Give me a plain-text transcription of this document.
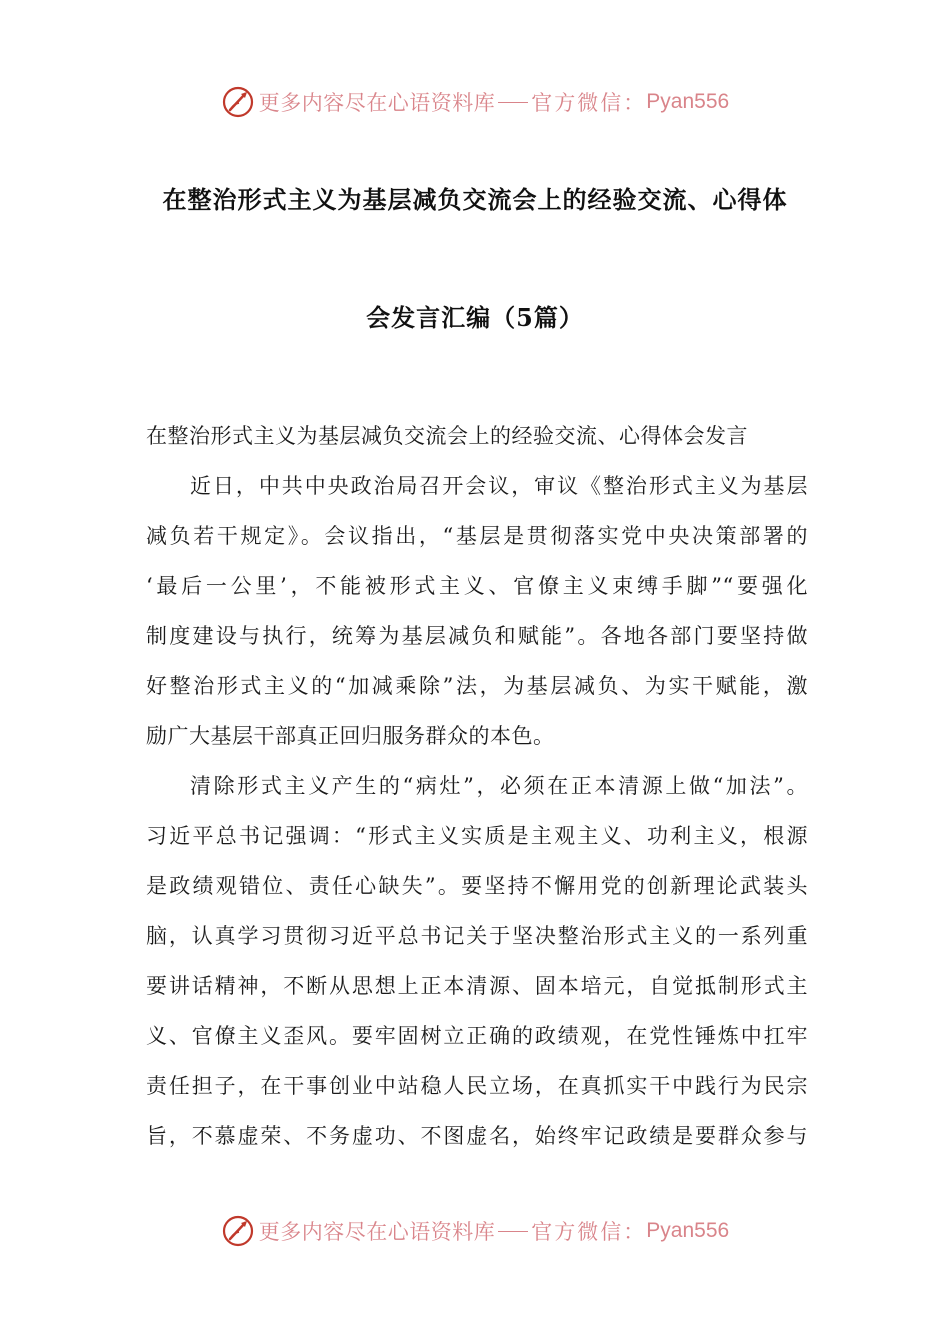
更多内容尽在心语资料库 官方微信： Pyan556
在整治形式主义为基层减负交流会上的经验交流、心得体
会发言汇编（5篇）
在整治形式主义为基层减负交流会上的经验交流、心得体会发言
近日，中共中央政治局召开会议，审议《整治形式主义为基层
减负若干规定》。会议指出，“基层是贯彻落实党中央决策部署的
‘最后一公里’，不能被形式主义、官僚主义束缚手脚”“要强化
制度建设与执行，统筹为基层减负和赋能”。各地各部门要坚持做
好整治形式主义的“加减乘除”法，为基层减负、为实干赋能，激
励广大基层干部真正回归服务群众的本色。
清除形式主义产生的“病灶”，必须在正本清源上做“加法”。
习近平总书记强调：“形式主义实质是主观主义、功利主义，根源
是政绩观错位、责任心缺失”。要坚持不懈用党的创新理论武装头
脑，认真学习贯彻习近平总书记关于坚决整治形式主义的一系列重
要讲话精神，不断从思想上正本清源、固本培元，自觉抵制形式主
义、官僚主义歪风。要牢固树立正确的政绩观，在党性锤炼中扛牢
责任担子，在干事创业中站稳人民立场，在真抓实干中践行为民宗
旨，不慕虚荣、不务虚功、不图虚名，始终牢记政绩是要群众参与
更多内容尽在心语资料库 官方微信： Pyan556
